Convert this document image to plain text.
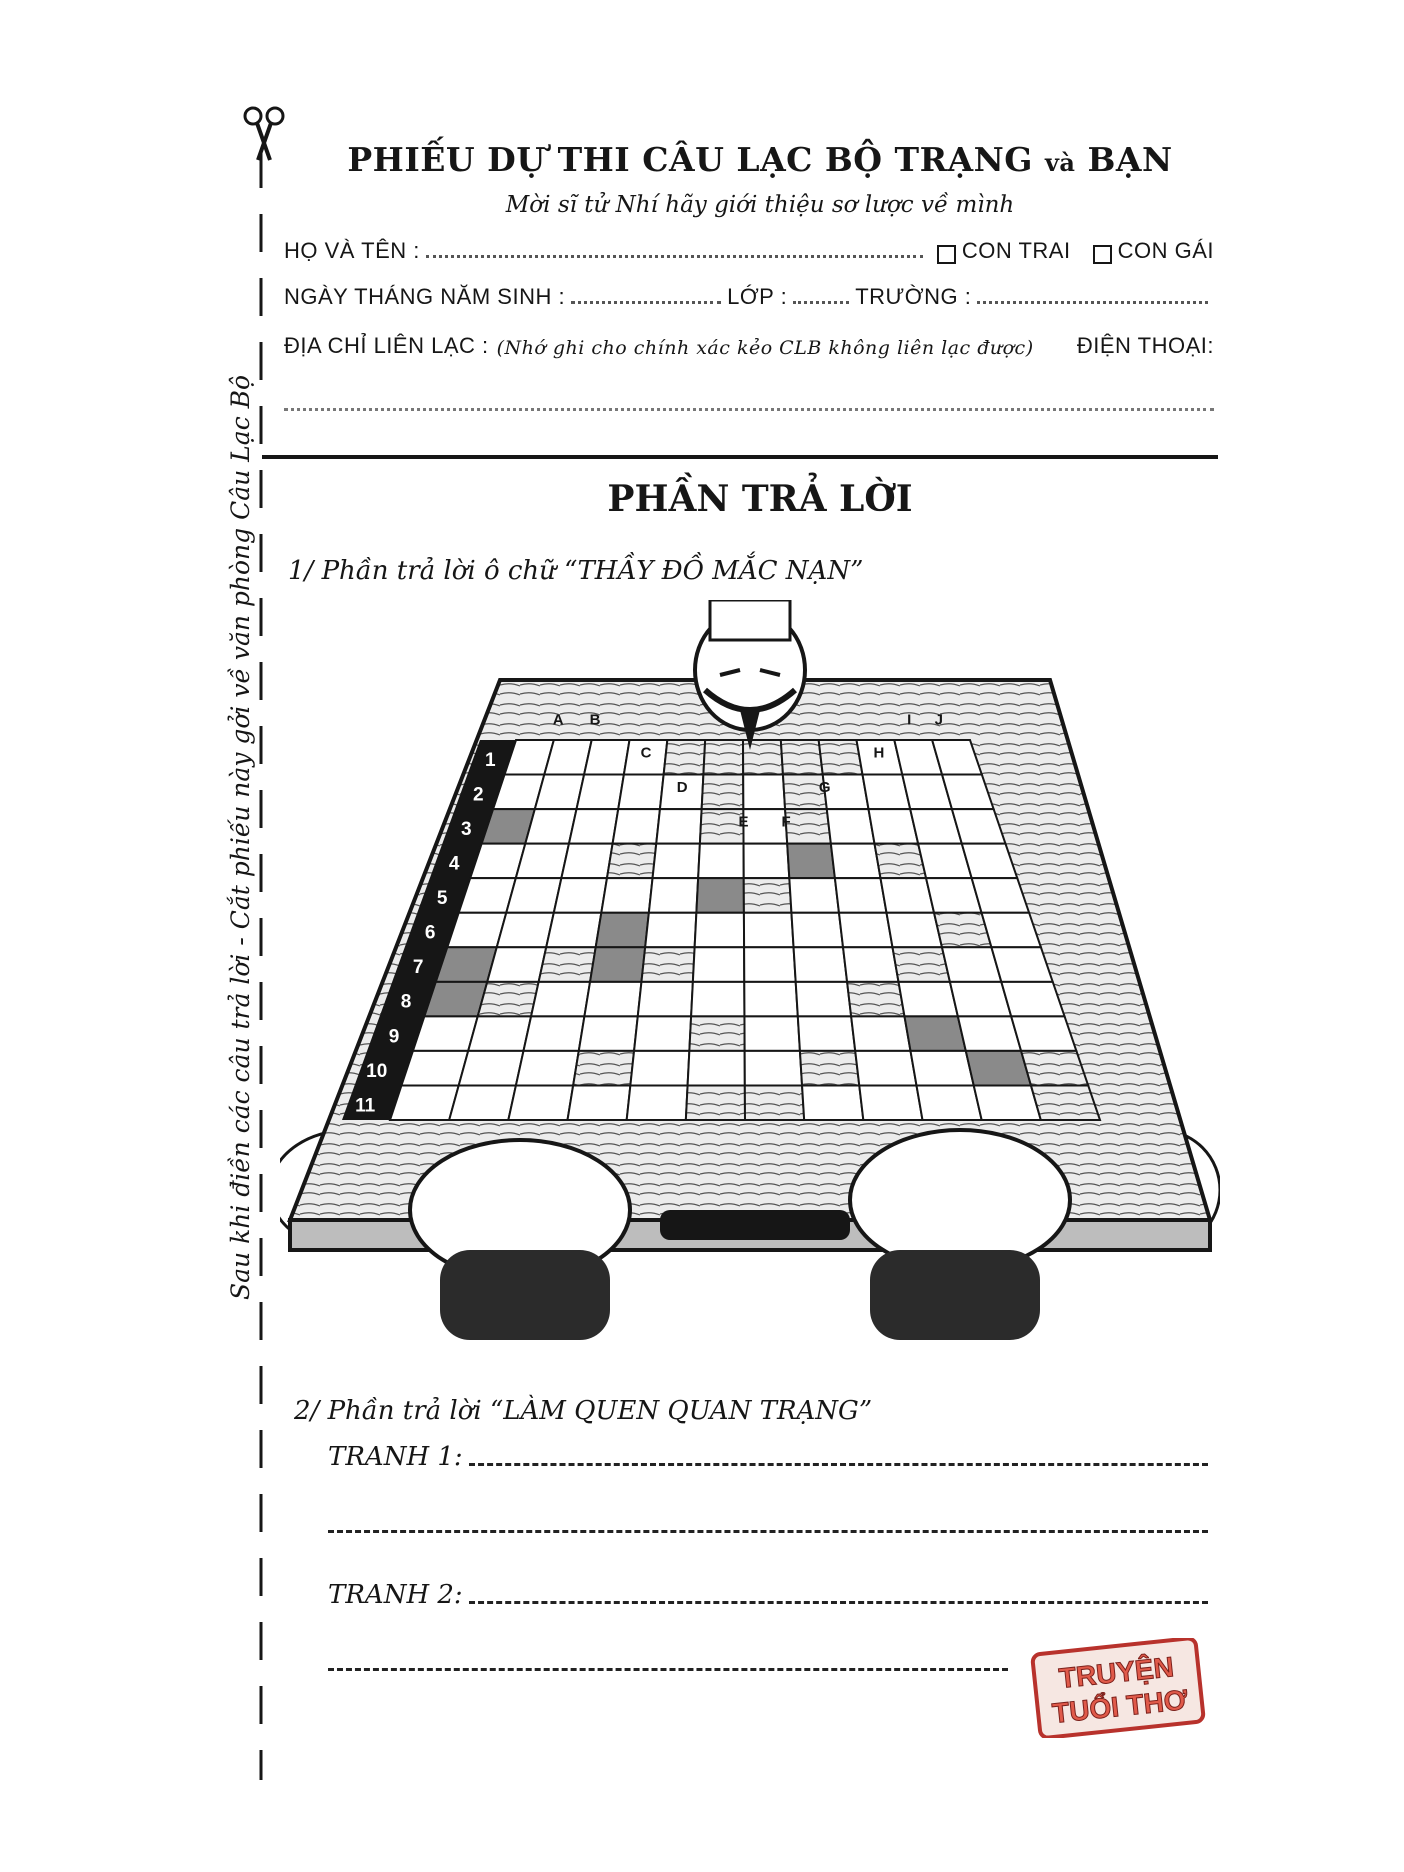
Sau khi điền các câu trả lời - Cắt phiếu này gởi về văn phòng Câu Lạc Bộ
PHIẾU DỰ THI CÂU LẠC BỘ TRẠNG và BẠN
Mời sĩ tử Nhí hãy giới thiệu sơ lược về mình
HỌ VÀ TÊN :	CON TRAI CON GÁI
NGÀY THÁNG NĂM SINH :	LỚP :	TRƯỜNG :
ĐỊA CHỈ LIÊN LẠC : (Nhớ ghi cho chính xác kẻo CLB không liên lạc được) ĐIỆN THOẠI:
PHẦN TRẢ LỜI
1/ Phần trả lời ô chữ “THẦY ĐỒ MẮC NẠN”
A B
C
D
E F
G
H
I J
1
2
3
4
5
6
7
8
9
10
11
2/ Phần trả lời “LÀM QUEN QUAN TRẠNG”
TRANH 1:
TRANH 2:
TRUYỆN
TUỔI THƠ
